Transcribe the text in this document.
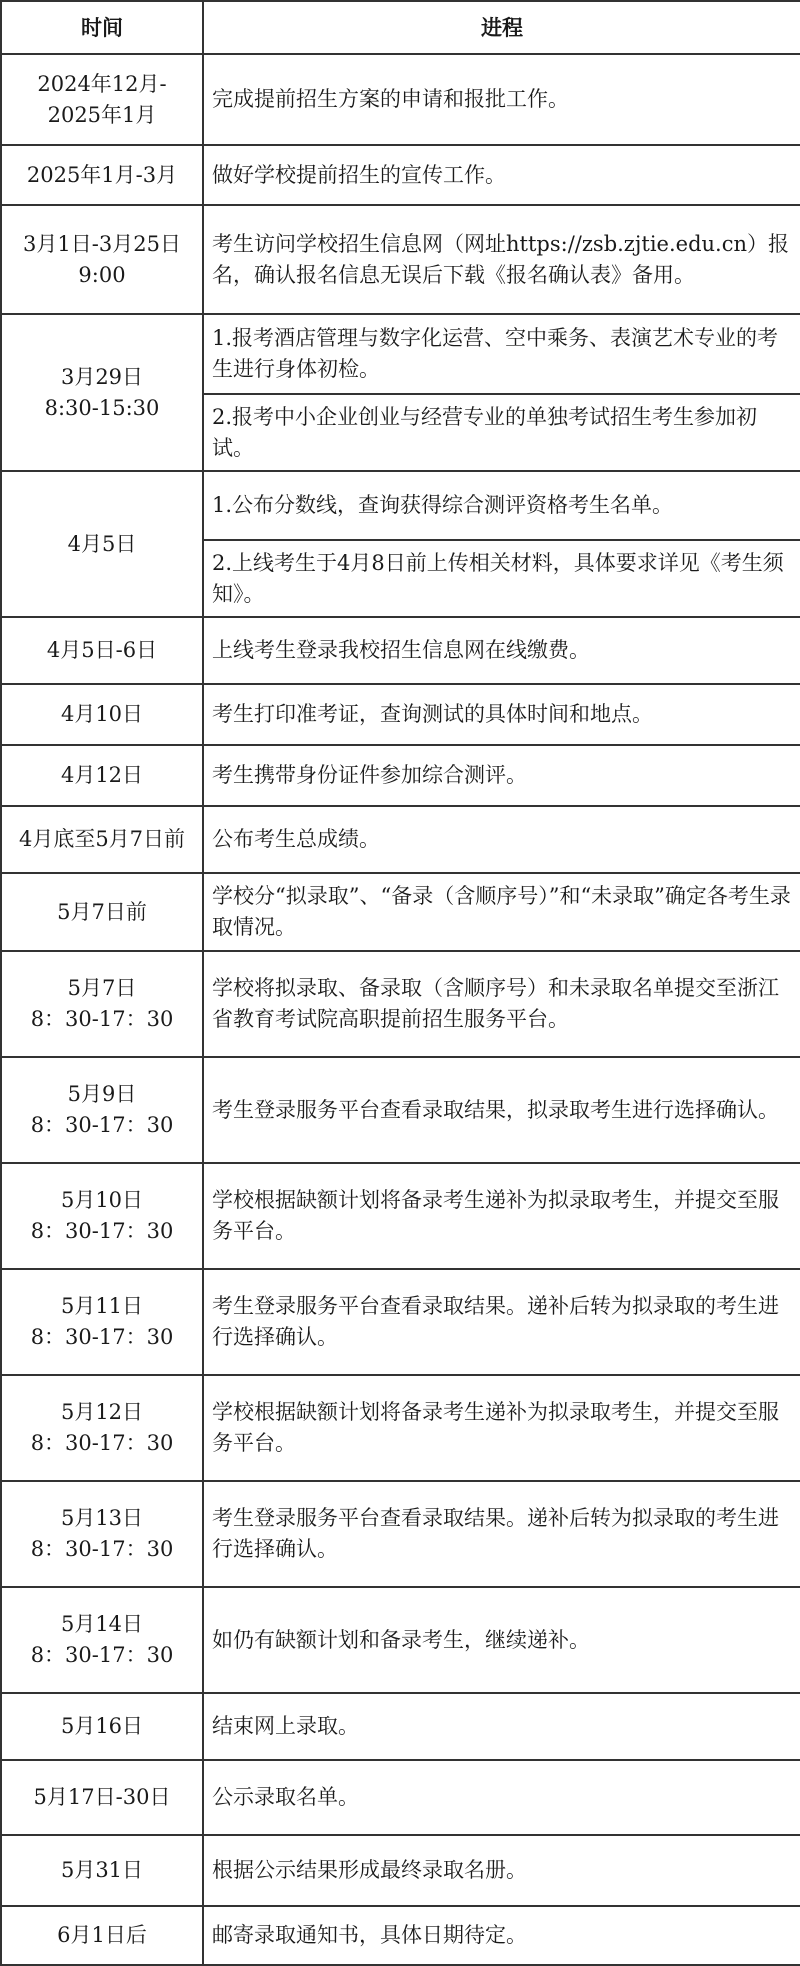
时间	进程

2024年12月-
2025年1月	完成提前招生方案的申请和报批工作。

2025年1月-3月	做好学校提前招生的宣传工作。

3月1日-3月25日
9:00	考生访问学校招生信息网（网址https://zsb.zjtie.edu.cn）报名，确认报名信息无误后下载《报名确认表》备用。

3月29日
8:30-15:30	1.报考酒店管理与数字化运营、空中乘务、表演艺术专业的考生进行身体初检。
	2.报考中小企业创业与经营专业的单独考试招生考生参加初试。

4月5日	1.公布分数线，查询获得综合测评资格考生名单。
	2.上线考生于4月8日前上传相关材料，具体要求详见《考生须知》。

4月5日-6日	上线考生登录我校招生信息网在线缴费。

4月10日	考生打印准考证，查询测试的具体时间和地点。

4月12日	考生携带身份证件参加综合测评。

4月底至5月7日前	公布考生总成绩。

5月7日前	学校分“拟录取”、“备录（含顺序号）”和“未录取”确定各考生录取情况。

5月7日
8：30-17：30	学校将拟录取、备录取（含顺序号）和未录取名单提交至浙江省教育考试院高职提前招生服务平台。

5月9日
8：30-17：30	考生登录服务平台查看录取结果，拟录取考生进行选择确认。

5月10日
8：30-17：30	学校根据缺额计划将备录考生递补为拟录取考生，并提交至服务平台。

5月11日
8：30-17：30	考生登录服务平台查看录取结果。递补后转为拟录取的考生进行选择确认。

5月12日
8：30-17：30	学校根据缺额计划将备录考生递补为拟录取考生，并提交至服务平台。

5月13日
8：30-17：30	考生登录服务平台查看录取结果。递补后转为拟录取的考生进行选择确认。

5月14日
8：30-17：30	如仍有缺额计划和备录考生，继续递补。

5月16日	结束网上录取。

5月17日-30日	公示录取名单。

5月31日	根据公示结果形成最终录取名册。

6月1日后	邮寄录取通知书，具体日期待定。
